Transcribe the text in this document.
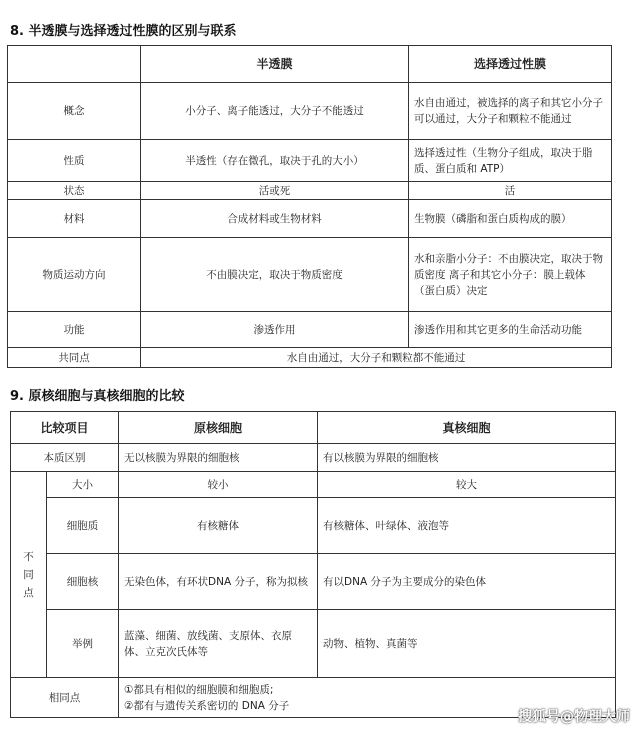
8. 半透膜与选择透过性膜的区别与联系
	半透膜	选择透过性膜
概念	小分子、离子能透过，大分子不能透过	水自由通过，被选择的离子和其它小分子可以通过，大分子和颗粒不能通过
性质	半透性（存在微孔，取决于孔的大小）	选择透过性（生物分子组成，取决于脂质、蛋白质和 ATP）
状态	活或死	活
材料	合成材料或生物材料	生物膜（磷脂和蛋白质构成的膜）
物质运动方向	不由膜决定，取决于物质密度	水和亲脂小分子：不由膜决定，取决于物质密度 离子和其它小分子：膜上载体（蛋白质）决定
功能	渗透作用	渗透作用和其它更多的生命活动功能
共同点	水自由通过，大分子和颗粒都不能通过	
9. 原核细胞与真核细胞的比较
比较项目		原核细胞	真核细胞
本质区别		无以核膜为界限的细胞核	有以核膜为界限的细胞核

不
同
点	大小	较小	较大
	细胞质	有核糖体	有核糖体、叶绿体、液泡等
	细胞核	无染色体，有环状DNA 分子，称为拟核	有以DNA 分子为主要成分的染色体
	举例	蓝藻、细菌、放线菌、支原体、衣原体、立克次氏体等	动物、植物、真菌等
相同点		①都具有相似的细胞膜和细胞质;
②都有与遗传关系密切的 DNA 分子	
搜狐号@物理大师
